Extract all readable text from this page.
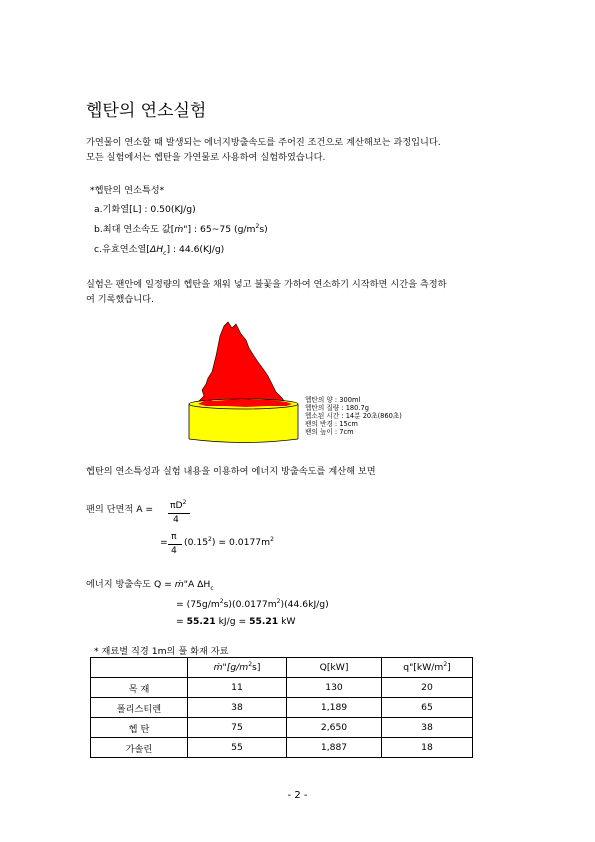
헵탄의 연소실험
가연물이 연소할 때 발생되는 에너지방출속도를 주어진 조건으로 계산해보는 과정입니다.
모든 실험에서는 헵탄을 가연물로 사용하여 실험하였습니다.
*헵탄의 연소특성*
a.기화열[L] : 0.50(KJ/g)
b.최대 연소속도 값[ṁ"] : 65~75 $(g/m^2s)$
c.유효연소열$[\Delta H_c]$ : 44.6(KJ/g)
실험은 팬안에 일정량의 헵탄을 채워 넣고 불꽃을 가하여 연소하기 시작하면 시간을 측정하
여 기록했습니다.
헵탄의 양 : 300ml
헵탄의 질량 : 180.7g
헵소된 시간 : 14분 20초(860초)
팬의 반경 : 15cm
팬의 높이 : 7cm
헵탄의 연소특성과 실험 내용을 이용하여 에너지 방출속도를 계산해 보면
팬의 단면적 $A = \pi D^2$
4
=
π
4
$(0.15^2) = 0.0177m^2$
에너지 방출속도 Q = ṁ"A $\Delta H_c$
= $(75g/m^2s)(0.0177m^2)(44.6kJ/g)$
= 55.21 kJ/g = 55.21 kW
* 재료별 직경 1m의 풀 화재 자료
	$ṁ"[g/m^2s]$	Q[kW]	$q"[kW/m^2]$
목 재	11	130	20
폴리스티렌	38	1,189	65
헵 탄	75	2,650	38
가솔린	55	1,887	18
- 2 -
